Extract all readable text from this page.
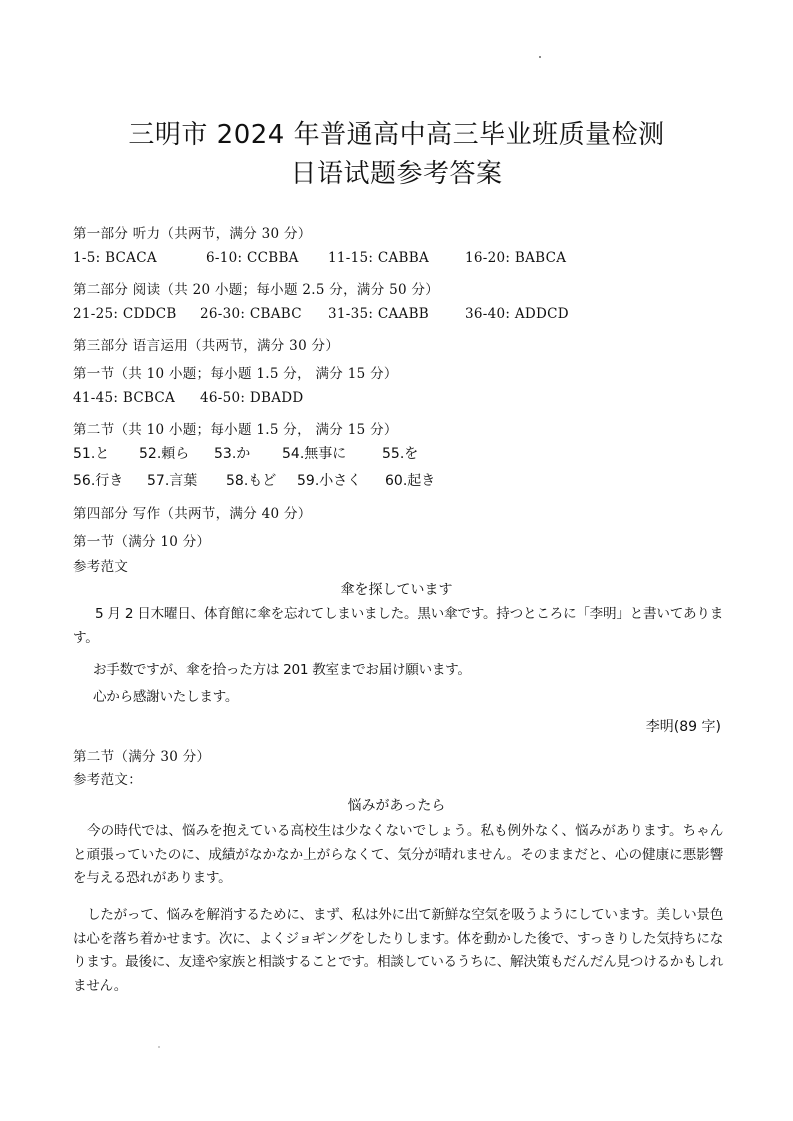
三明市 2024 年普通高中高三毕业班质量检测
日语试题参考答案
第一部分 听力（共两节，满分 30 分）
1-5: BCACA	6-10: CCBBA 11-15: CABBA	16-20: BABCA
第二部分 阅读（共 20 小题；每小题 2.5 分，满分 50 分）
21-25: CDDCB 26-30: CBABC 31-35: CAABB	36-40: ADDCD
第三部分 语言运用（共两节，满分 30 分）
第一节（共 10 小题；每小题 1.5 分， 满分 15 分）
41-45: BCBCA 46-50: DBADD
第二节（共 10 小题；每小题 1.5 分， 满分 15 分）
51.と 52.頼ら 53.か 54.無事に	55.を
56.行き 57.言葉 58.もど 59.小さく 60.起き
第四部分 写作（共两节，满分 40 分）
第一节（满分 10 分）
参考范文
傘を探しています
5 月 2 日木曜日、体育館に傘を忘れてしまいました。黒い傘です。持つところに「李明」と書いてあります。
お手数ですが、傘を拾った方は 201 教室までお届け願います。
心から感謝いたします。
李明(89 字)
第二节（满分 30 分）
参考范文：
悩みがあったら
今の時代では、悩みを抱えている高校生は少なくないでしょう。私も例外なく、悩みがあります。ちゃんと頑張っていたのに、成績がなかなか上がらなくて、気分が晴れません。そのままだと、心の健康に悪影響を与える恐れがあります。
したがって、悩みを解消するために、まず、私は外に出て新鮮な空気を吸うようにしています。美しい景色は心を落ち着かせます。次に、よくジョギングをしたりします。体を動かした後で、すっきりした気持ちになります。最後に、友達や家族と相談することです。相談しているうちに、解決策もだんだん見つけるかもしれません。
